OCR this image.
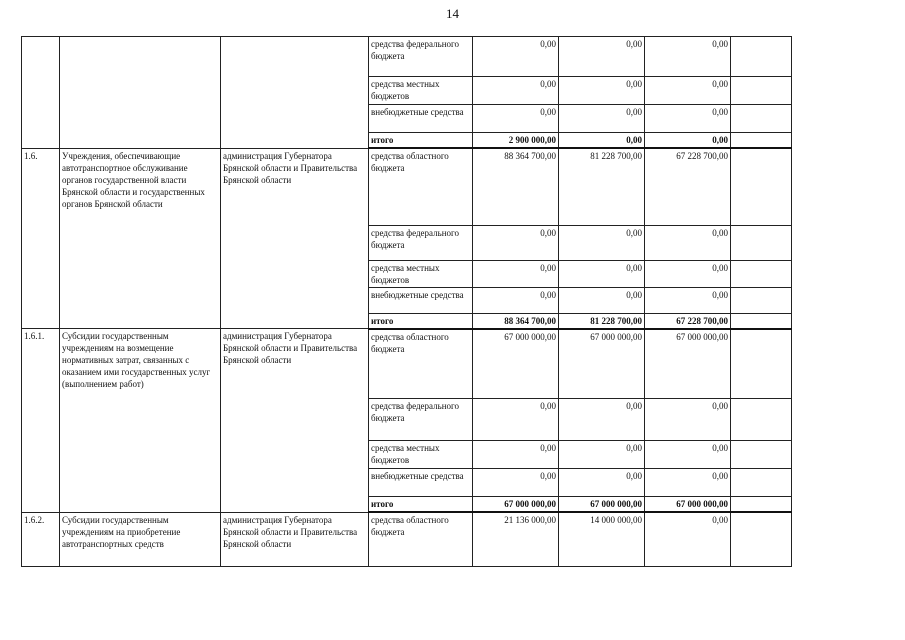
14
			средства федерального бюджета	0,00	0,00	0,00	
			средства местных бюджетов	0,00	0,00	0,00	
			внебюджетные средства	0,00	0,00	0,00	
			итого	2 900 000,00	0,00	0,00	
1.6.	Учреждения, обеспечивающие автотранспортное обслуживание органов государственной власти Брянской области и государственных органов Брянской области	администрация Губернатора Брянской области и Правительства Брянской области	средства областного бюджета	88 364 700,00	81 228 700,00	67 228 700,00	
			средства федерального бюджета	0,00	0,00	0,00	
			средства местных бюджетов	0,00	0,00	0,00	
			внебюджетные средства	0,00	0,00	0,00	
			итого	88 364 700,00	81 228 700,00	67 228 700,00	
1.6.1.	Субсидии государственным учреждениям на возмещение нормативных затрат, связанных с оказанием ими государственных услуг (выполнением работ)	администрация Губернатора Брянской области и Правительства Брянской области	средства областного бюджета	67 000 000,00	67 000 000,00	67 000 000,00	
			средства федерального бюджета	0,00	0,00	0,00	
			средства местных бюджетов	0,00	0,00	0,00	
			внебюджетные средства	0,00	0,00	0,00	
			итого	67 000 000,00	67 000 000,00	67 000 000,00	
1.6.2.	Субсидии государственным учреждениям на приобретение автотранспортных средств	администрация Губернатора Брянской области и Правительства Брянской области	средства областного бюджета	21 136 000,00	14 000 000,00	0,00	
